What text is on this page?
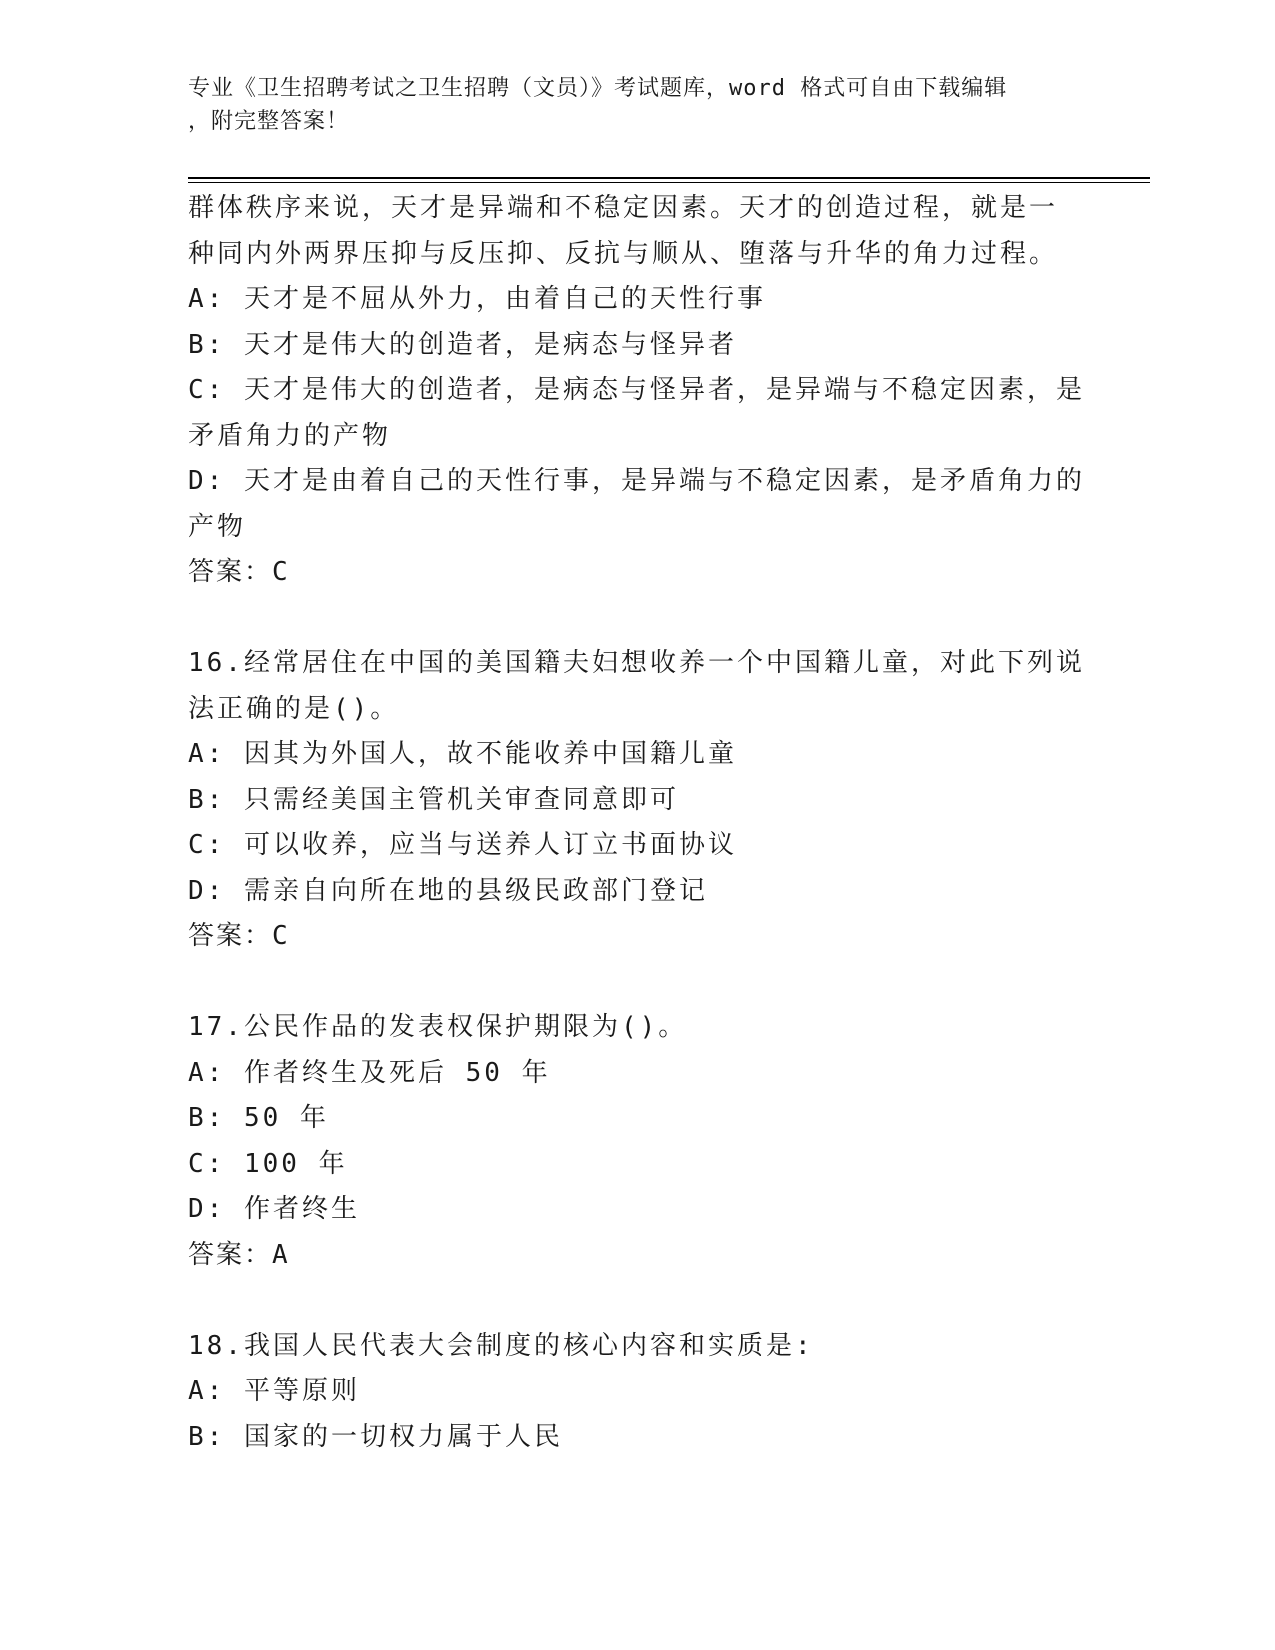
专业《卫生招聘考试之卫生招聘（文员）》考试题库，word 格式可自由下载编辑
，附完整答案！
群体秩序来说，天才是异端和不稳定因素。天才的创造过程，就是一
种同内外两界压抑与反压抑、反抗与顺从、堕落与升华的角力过程。
A: 天才是不屈从外力，由着自己的天性行事
B: 天才是伟大的创造者，是病态与怪异者
C: 天才是伟大的创造者，是病态与怪异者，是异端与不稳定因素，是
矛盾角力的产物
D: 天才是由着自己的天性行事，是异端与不稳定因素，是矛盾角力的
产物
答案：C
16.经常居住在中国的美国籍夫妇想收养一个中国籍儿童，对此下列说
法正确的是()。
A: 因其为外国人，故不能收养中国籍儿童
B: 只需经美国主管机关审查同意即可
C: 可以收养，应当与送养人订立书面协议
D: 需亲自向所在地的县级民政部门登记
答案：C
17.公民作品的发表权保护期限为()。
A: 作者终生及死后 50 年
B: 50 年
C: 100 年
D: 作者终生
答案：A
18.我国人民代表大会制度的核心内容和实质是:
A: 平等原则
B: 国家的一切权力属于人民
